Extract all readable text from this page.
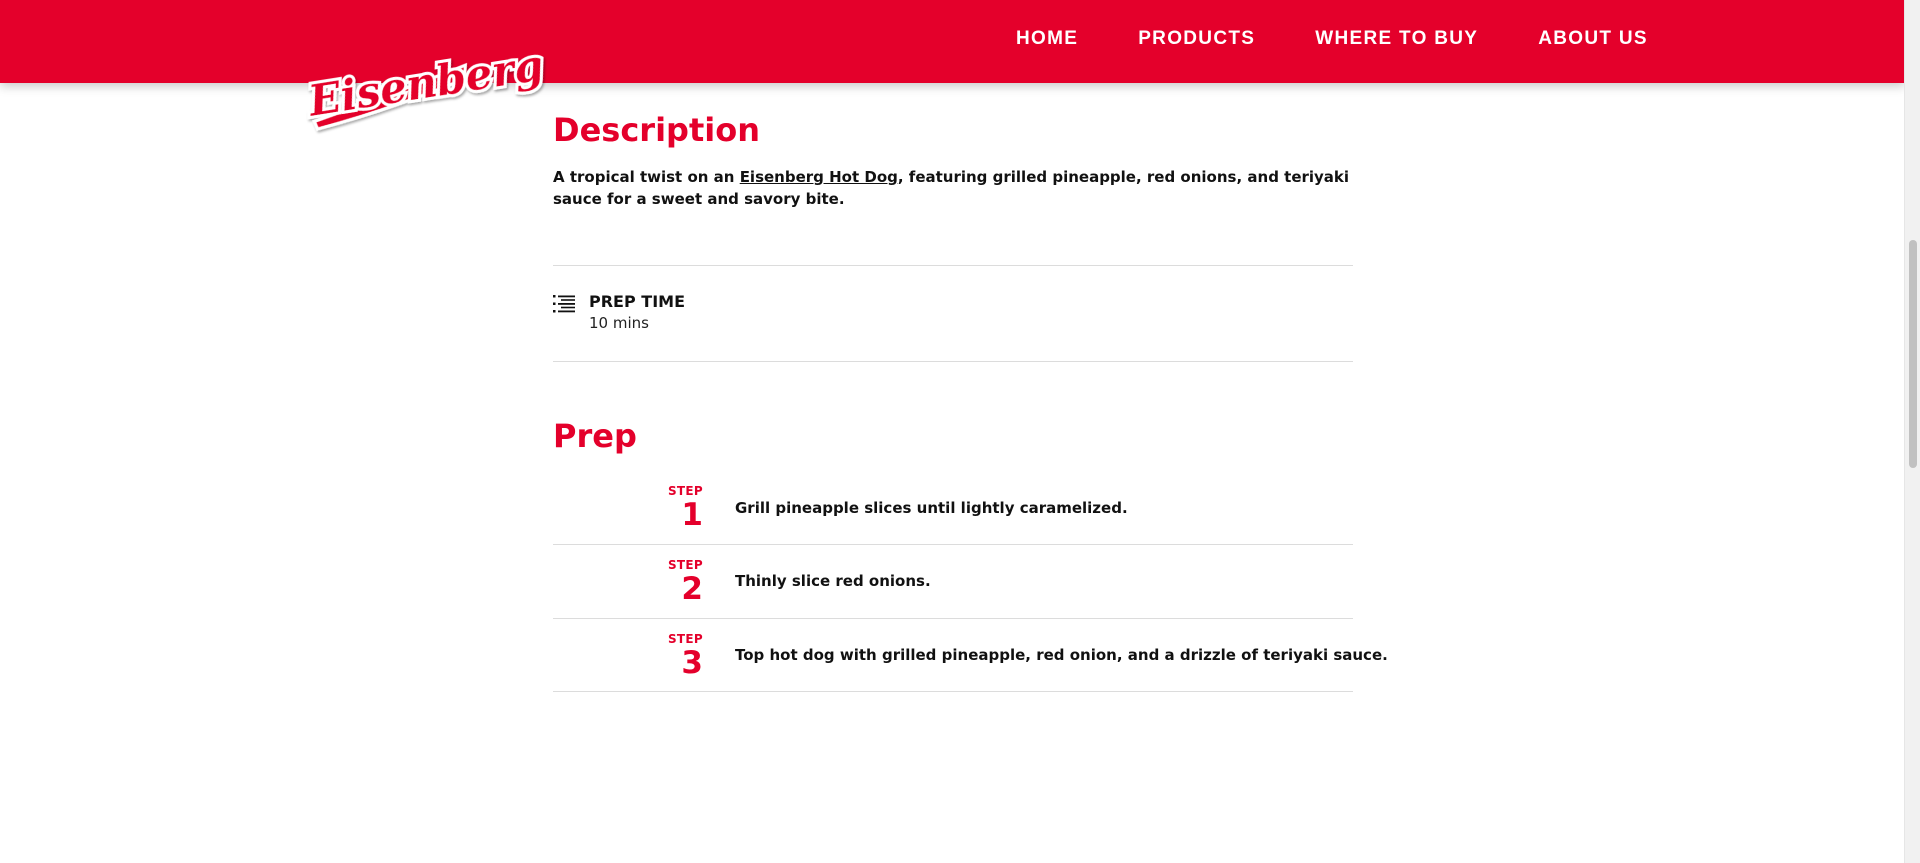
HOME	PRODUCTS	WHERE TO BUY	ABOUT US
Eisenberg
Description

A tropical twist on an Eisenberg Hot Dog, featuring grilled pineapple, red onions, and teriyaki sauce for a sweet and savory bite.

PREP TIME
10 mins
Prep
STEP
1 Grill pineapple slices until lightly caramelized.
STEP
2 Thinly slice red onions.
STEP
3 Top hot dog with grilled pineapple, red onion, and a drizzle of teriyaki sauce.
